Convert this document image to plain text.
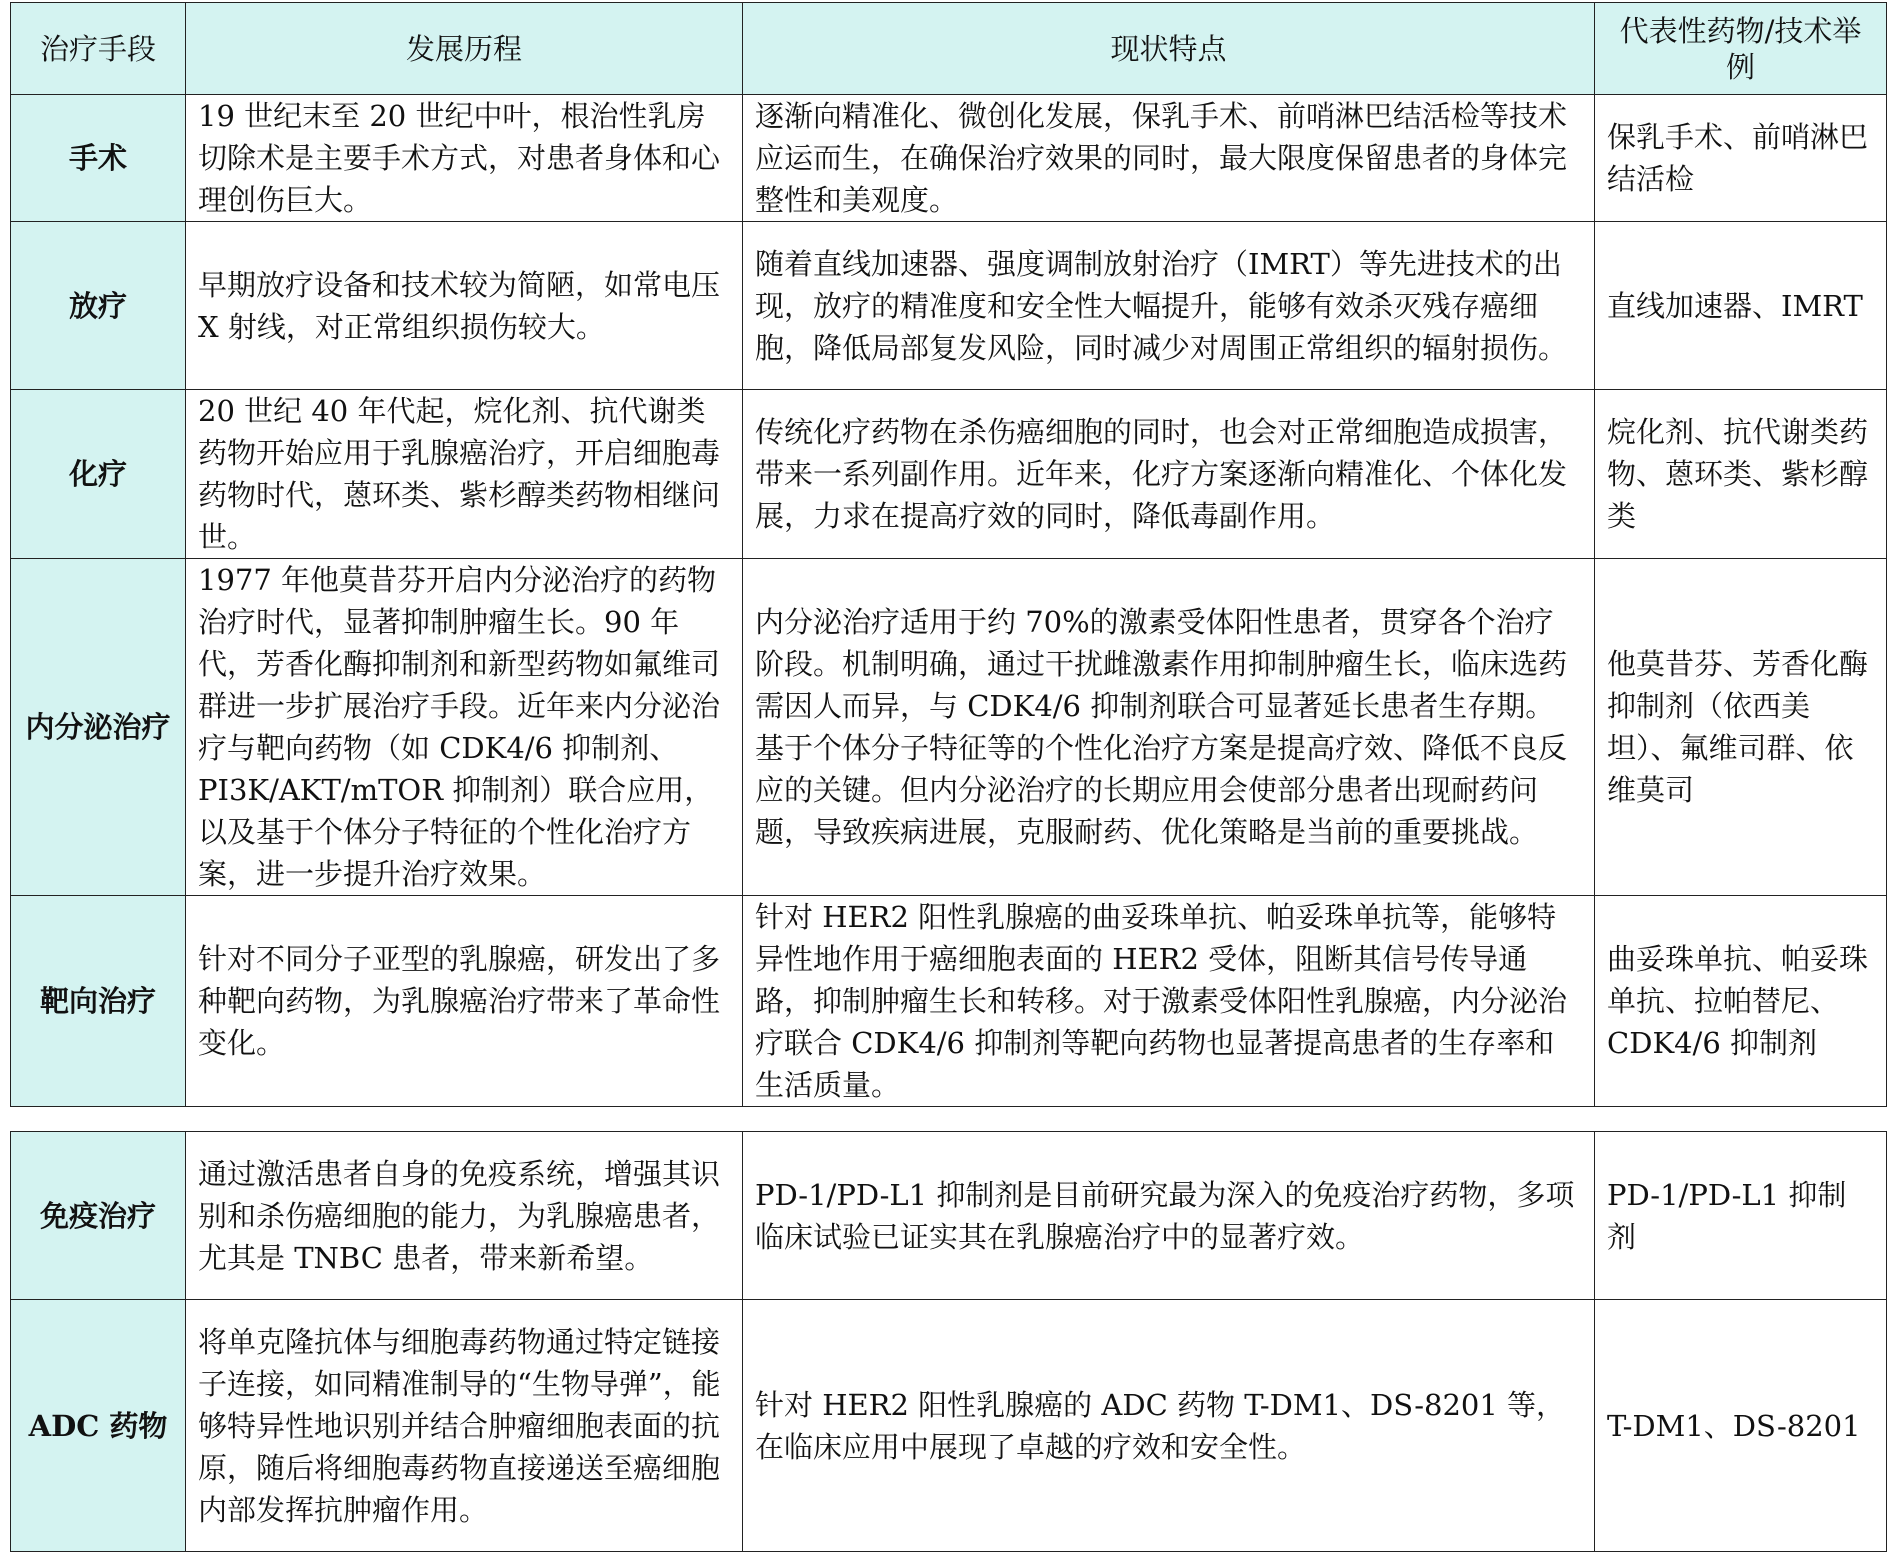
治疗手段	发展历程	现状特点	代表性药物/技术举例
手术	19 世纪末至 20 世纪中叶，根治性乳房切除术是主要手术方式，对患者身体和心理创伤巨大。	逐渐向精准化、微创化发展，保乳手术、前哨淋巴结活检等技术应运而生，在确保治疗效果的同时，最大限度保留患者的身体完整性和美观度。	保乳手术、前哨淋巴结活检
放疗	早期放疗设备和技术较为简陋，如常电压 X 射线，对正常组织损伤较大。	随着直线加速器、强度调制放射治疗（IMRT）等先进技术的出现，放疗的精准度和安全性大幅提升，能够有效杀灭残存癌细胞，降低局部复发风险，同时减少对周围正常组织的辐射损伤。	直线加速器、IMRT
化疗	20 世纪 40 年代起，烷化剂、抗代谢类药物开始应用于乳腺癌治疗，开启细胞毒药物时代，蒽环类、紫杉醇类药物相继问世。	传统化疗药物在杀伤癌细胞的同时，也会对正常细胞造成损害，带来一系列副作用。近年来，化疗方案逐渐向精准化、个体化发展，力求在提高疗效的同时，降低毒副作用。	烷化剂、抗代谢类药物、蒽环类、紫杉醇类
内分泌治疗	1977 年他莫昔芬开启内分泌治疗的药物治疗时代，显著抑制肿瘤生长。90 年代，芳香化酶抑制剂和新型药物如氟维司群进一步扩展治疗手段。近年来内分泌治疗与靶向药物（如 CDK4/6 抑制剂、PI3K/AKT/mTOR 抑制剂）联合应用，以及基于个体分子特征的个性化治疗方案，进一步提升治疗效果。	内分泌治疗适用于约 70%的激素受体阳性患者，贯穿各个治疗阶段。机制明确，通过干扰雌激素作用抑制肿瘤生长，临床选药需因人而异，与 CDK4/6 抑制剂联合可显著延长患者生存期。基于个体分子特征等的个性化治疗方案是提高疗效、降低不良反应的关键。但内分泌治疗的长期应用会使部分患者出现耐药问题，导致疾病进展，克服耐药、优化策略是当前的重要挑战。	他莫昔芬、芳香化酶抑制剂（依西美坦）、氟维司群、依维莫司
靶向治疗	针对不同分子亚型的乳腺癌，研发出了多种靶向药物，为乳腺癌治疗带来了革命性变化。	针对 HER2 阳性乳腺癌的曲妥珠单抗、帕妥珠单抗等，能够特异性地作用于癌细胞表面的 HER2 受体，阻断其信号传导通路，抑制肿瘤生长和转移。对于激素受体阳性乳腺癌，内分泌治疗联合 CDK4/6 抑制剂等靶向药物也显著提高患者的生存率和生活质量。	曲妥珠单抗、帕妥珠单抗、拉帕替尼、CDK4/6 抑制剂
免疫治疗	通过激活患者自身的免疫系统，增强其识别和杀伤癌细胞的能力，为乳腺癌患者，尤其是 TNBC 患者，带来新希望。	PD-1/PD-L1 抑制剂是目前研究最为深入的免疫治疗药物，多项临床试验已证实其在乳腺癌治疗中的显著疗效。	PD-1/PD-L1 抑制剂
ADC 药物	将单克隆抗体与细胞毒药物通过特定链接子连接，如同精准制导的“生物导弹”，能够特异性地识别并结合肿瘤细胞表面的抗原，随后将细胞毒药物直接递送至癌细胞内部发挥抗肿瘤作用。	针对 HER2 阳性乳腺癌的 ADC 药物 T-DM1、DS-8201 等，在临床应用中展现了卓越的疗效和安全性。	T-DM1、DS-8201
